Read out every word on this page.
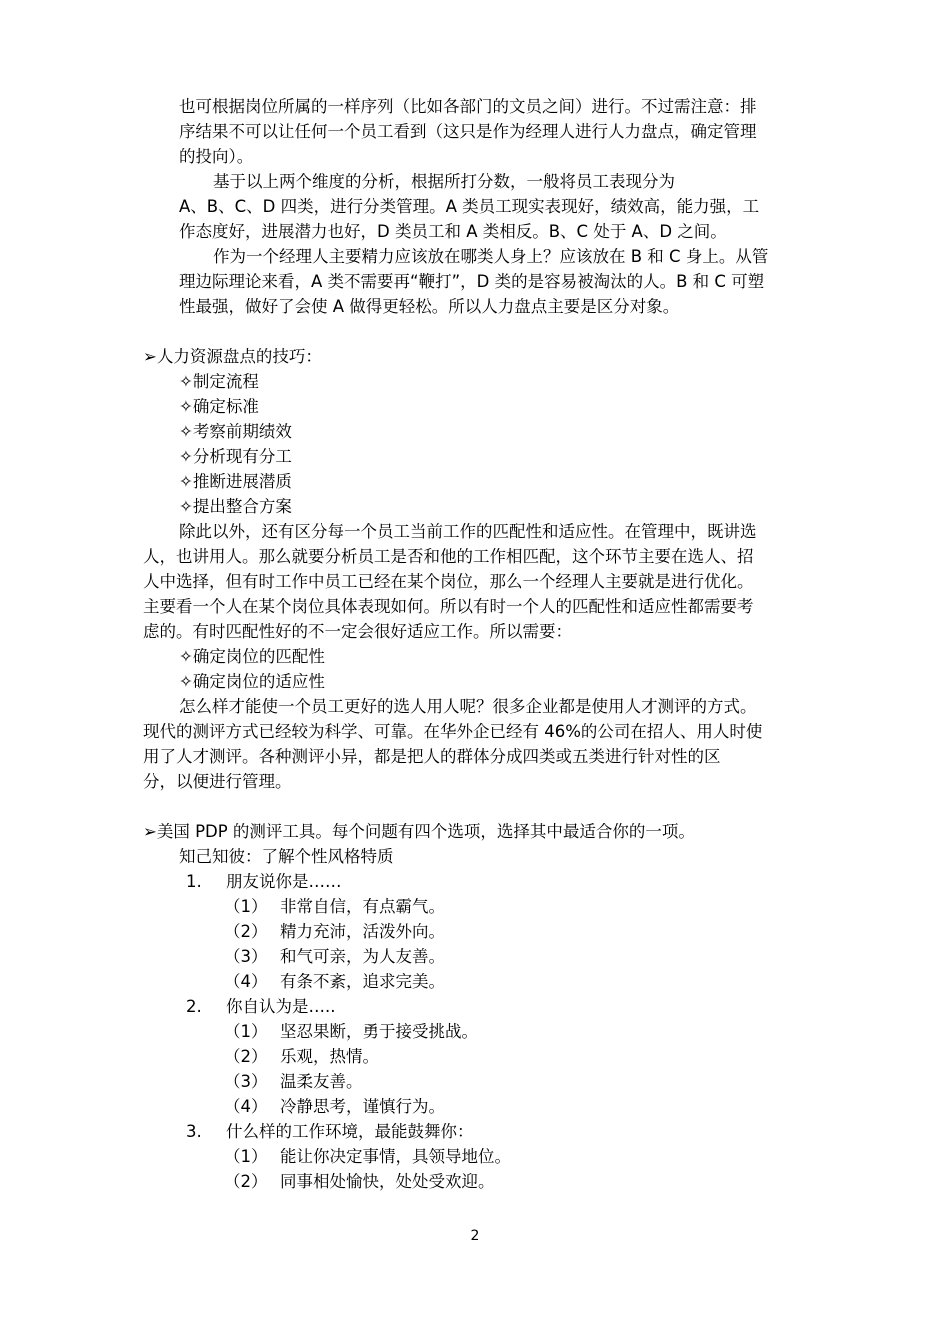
也可根据岗位所属的一样序列（比如各部门的文员之间）进行。不过需注意：排
序结果不可以让任何一个员工看到（这只是作为经理人进行人力盘点，确定管理
的投向）。
基于以上两个维度的分析，根据所打分数，一般将员工表现分为
A、B、C、D 四类，进行分类管理。A 类员工现实表现好，绩效高，能力强，工
作态度好，进展潜力也好，D 类员工和 A 类相反。B、C 处于 A、D 之间。
作为一个经理人主要精力应该放在哪类人身上？应该放在 B 和 C 身上。从管
理边际理论来看，A 类不需要再“鞭打”，D 类的是容易被淘汰的人。B 和 C 可塑
性最强，做好了会使 A 做得更轻松。所以人力盘点主要是区分对象。
➢人力资源盘点的技巧：
✧制定流程
✧确定标准
✧考察前期绩效
✧分析现有分工
✧推断进展潜质
✧提出整合方案
除此以外，还有区分每一个员工当前工作的匹配性和适应性。在管理中，既讲选
人，也讲用人。那么就要分析员工是否和他的工作相匹配，这个环节主要在选人、招
人中选择，但有时工作中员工已经在某个岗位，那么一个经理人主要就是进行优化。
主要看一个人在某个岗位具体表现如何。所以有时一个人的匹配性和适应性都需要考
虑的。有时匹配性好的不一定会很好适应工作。所以需要：
✧确定岗位的匹配性
✧确定岗位的适应性
怎么样才能使一个员工更好的选人用人呢？很多企业都是使用人才测评的方式。
现代的测评方式已经较为科学、可靠。在华外企已经有 46%的公司在招人、用人时使
用了人才测评。各种测评小异，都是把人的群体分成四类或五类进行针对性的区
分，以便进行管理。
➢美国 PDP 的测评工具。每个问题有四个选项，选择其中最适合你的一项。
知己知彼：了解个性风格特质
1. 朋友说你是……
（1） 非常自信，有点霸气。
（2） 精力充沛，活泼外向。
（3） 和气可亲，为人友善。
（4） 有条不紊，追求完美。
2. 你自认为是…..
（1） 坚忍果断，勇于接受挑战。
（2） 乐观，热情。
（3） 温柔友善。
（4） 冷静思考，谨慎行为。
3. 什么样的工作环境，最能鼓舞你：
（1） 能让你决定事情，具领导地位。
（2） 同事相处愉快，处处受欢迎。
2
